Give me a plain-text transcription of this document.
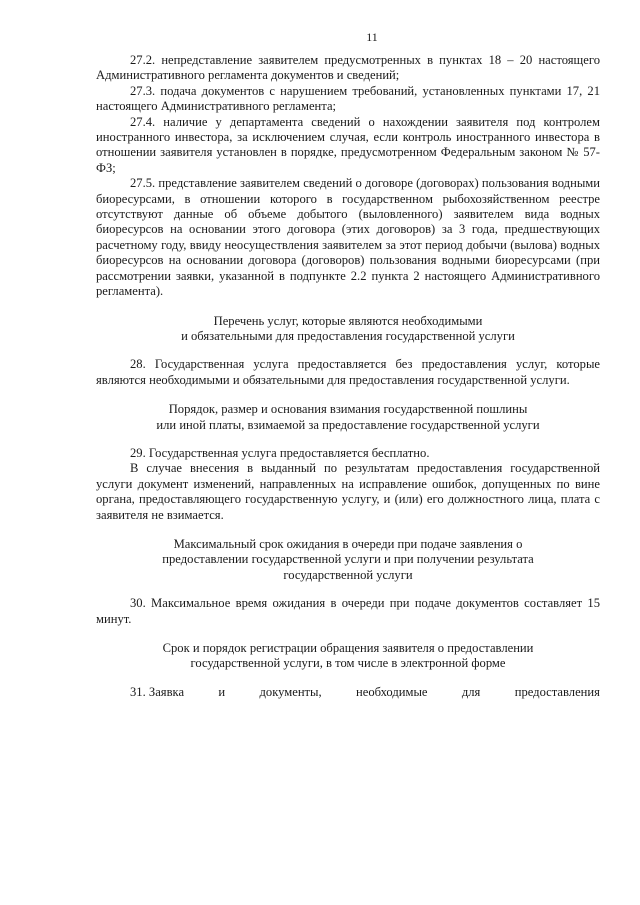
11

27.2. непредставление заявителем предусмотренных в пунктах 18 – 20 настоящего Административного регламента документов и сведений;

27.3. подача документов с нарушением требований, установленных пунктами 17, 21 настоящего Административного регламента;

27.4. наличие у департамента сведений о нахождении заявителя под контролем иностранного инвестора, за исключением случая, если контроль иностранного инвестора в отношении заявителя установлен в порядке, предусмотренном Федеральным законом № 57-ФЗ;

27.5. представление заявителем сведений о договоре (договорах) пользования водными биоресурсами, в отношении которого в государственном рыбохозяйственном реестре отсутствуют данные об объеме добытого (выловленного) заявителем вида водных биоресурсов на основании этого договора (этих договоров) за 3 года, предшествующих расчетному году, ввиду неосуществления заявителем за этот период добычи (вылова) водных биоресурсов на основании договора (договоров) пользования водными биоресурсами (при рассмотрении заявки, указанной в подпункте 2.2 пункта 2 настоящего Административного регламента).

Перечень услуг, которые являются необходимыми
и обязательными для предоставления государственной услуги

28. Государственная услуга предоставляется без предоставления услуг, которые являются необходимыми и обязательными для предоставления государственной услуги.

Порядок, размер и основания взимания государственной пошлины
или иной платы, взимаемой за предоставление государственной услуги

29. Государственная услуга предоставляется бесплатно.

В случае внесения в выданный по результатам предоставления государственной услуги документ изменений, направленных на исправление ошибок, допущенных по вине органа, предоставляющего государственную услугу, и (или) его должностного лица, плата с заявителя не взимается.

Максимальный срок ожидания в очереди при подаче заявления о
предоставлении государственной услуги и при получении результата
государственной услуги

30. Максимальное время ожидания в очереди при подаче документов составляет 15 минут.

Срок и порядок регистрации обращения заявителя о предоставлении
государственной услуги, в том числе в электронной форме
31. Заявка	и	документы,	необходимые	для	предоставления
